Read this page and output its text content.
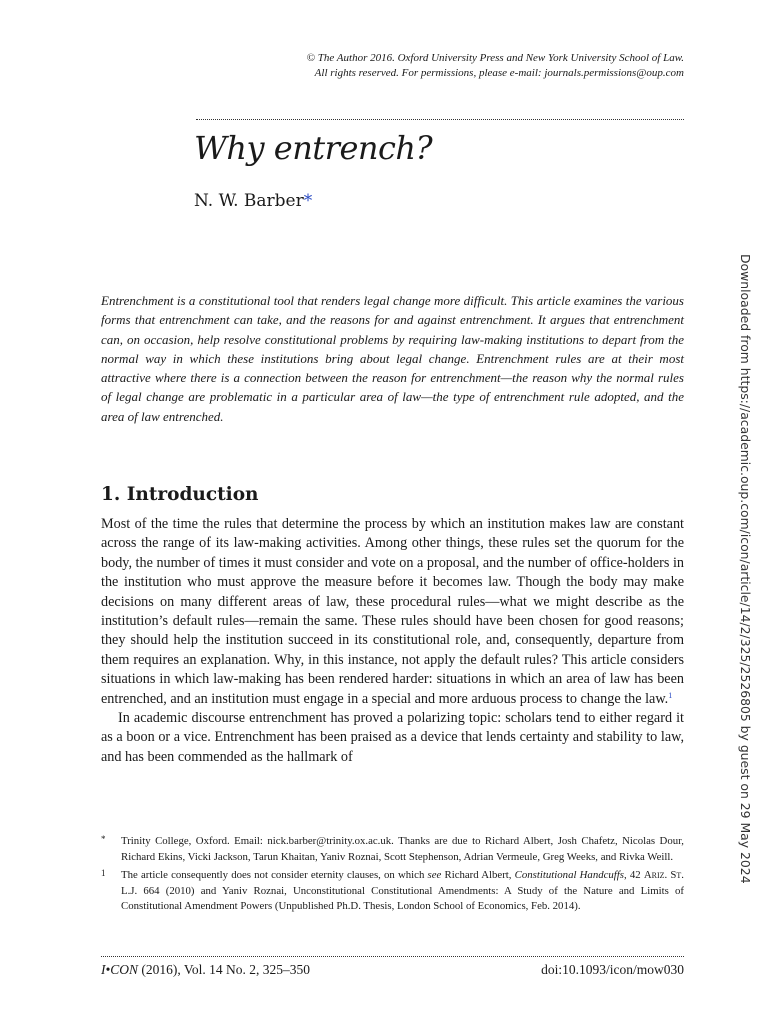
© The Author 2016. Oxford University Press and New York University School of Law.
All rights reserved. For permissions, please e-mail: journals.permissions@oup.com
Why entrench?
N. W. Barber*
Entrenchment is a constitutional tool that renders legal change more difficult. This article examines the various forms that entrenchment can take, and the reasons for and against entrenchment. It argues that entrenchment can, on occasion, help resolve constitutional problems by requiring law-making institutions to depart from the normal way in which these institutions bring about legal change. Entrenchment rules are at their most attractive where there is a connection between the reason for entrenchment—the reason why the normal rules of legal change are problematic in a particular area of law—the type of entrenchment rule adopted, and the area of law entrenched.
1. Introduction

Most of the time the rules that determine the process by which an institution makes law are constant across the range of its law-making activities. Among other things, these rules set the quorum for the body, the number of times it must consider and vote on a proposal, and the number of office-holders in the institution who must approve the measure before it becomes law. Though the body may make decisions on many different areas of law, these procedural rules—what we might describe as the institution’s default rules—remain the same. These rules should have been chosen for good reasons; they should help the institution succeed in its constitutional role, and, consequently, departure from them requires an explanation. Why, in this instance, not apply the default rules? This article considers situations in which law-making has been rendered harder: situations in which an area of law has been entrenched, and an institution must engage in a special and more arduous process to change the law.$^1$

In academic discourse entrenchment has proved a polarizing topic: scholars tend to either regard it as a boon or a vice. Entrenchment has been praised as a device that lends certainty and stability to law, and has been commended as the hallmark of

* Trinity College, Oxford. Email: nick.barber@trinity.ox.ac.uk. Thanks are due to Richard Albert, Josh Chafetz, Nicolas Dour, Richard Ekins, Vicki Jackson, Tarun Khaitan, Yaniv Roznai, Scott Stephenson, Adrian Vermeule, Greg Weeks, and Rivka Weill.
1 The article consequently does not consider eternity clauses, on which see Richard Albert, Constitutional Handcuffs, 42 Ariz. St. L.J. 664 (2010) and Yaniv Roznai, Unconstitutional Constitutional Amendments: A Study of the Nature and Limits of Constitutional Amendment Powers (Unpublished Ph.D. Thesis, London School of Economics, Feb. 2014).
I•CON (2016), Vol. 14 No. 2, 325–350	doi:10.1093/icon/mow030
Downloaded from https://academic.oup.com/icon/article/14/2/325/2526805 by guest on 29 May 2024
